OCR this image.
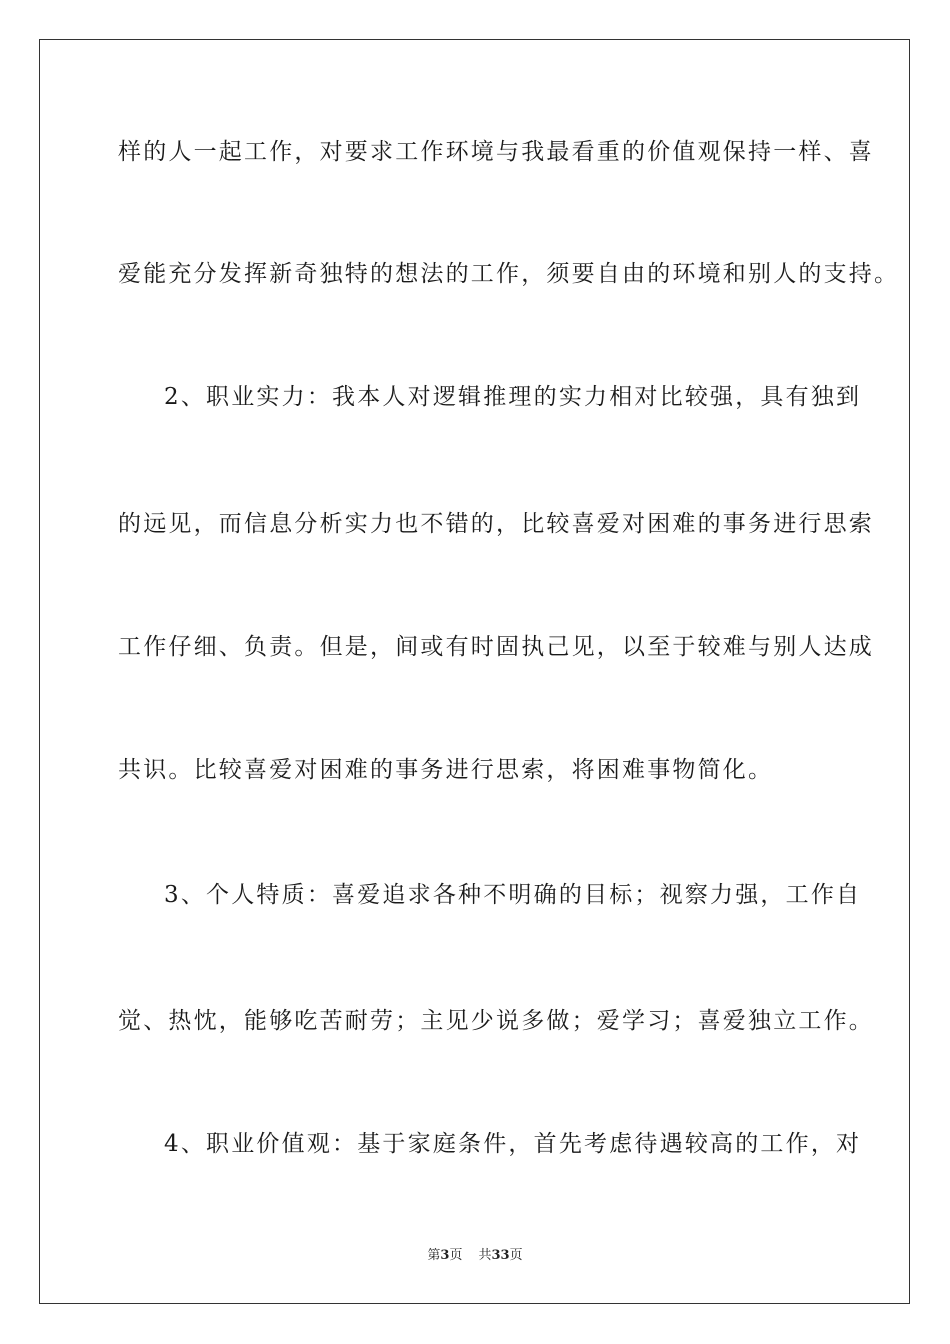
样的人一起工作，对要求工作环境与我最看重的价值观保持一样、喜
爱能充分发挥新奇独特的想法的工作，须要自由的环境和别人的支持。
2、职业实力：我本人对逻辑推理的实力相对比较强，具有独到
的远见，而信息分析实力也不错的，比较喜爱对困难的事务进行思索
工作仔细、负责。但是，间或有时固执己见，以至于较难与别人达成
共识。比较喜爱对困难的事务进行思索，将困难事物简化。
3、个人特质：喜爱追求各种不明确的目标；视察力强，工作自
觉、热忱，能够吃苦耐劳；主见少说多做；爱学习；喜爱独立工作。
4、职业价值观：基于家庭条件，首先考虑待遇较高的工作，对
第3页 共33页
